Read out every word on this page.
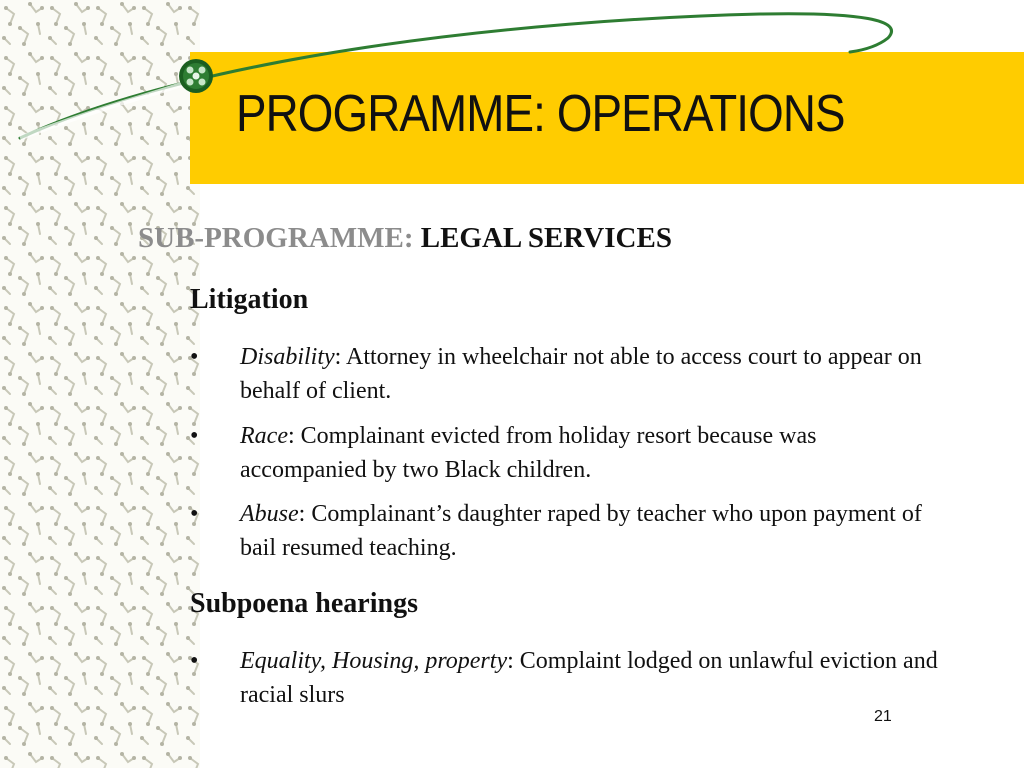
PROGRAMME: OPERATIONS
SUB-PROGRAMME: LEGAL SERVICES
Litigation
• Disability: Attorney in wheelchair not able to access court to appear on behalf of client.
• Race: Complainant evicted from holiday resort because was accompanied by two Black children.
• Abuse: Complainant’s daughter raped by teacher who upon payment of bail resumed teaching.
Subpoena hearings
• Equality, Housing, property: Complaint lodged on unlawful eviction and racial slurs
21
